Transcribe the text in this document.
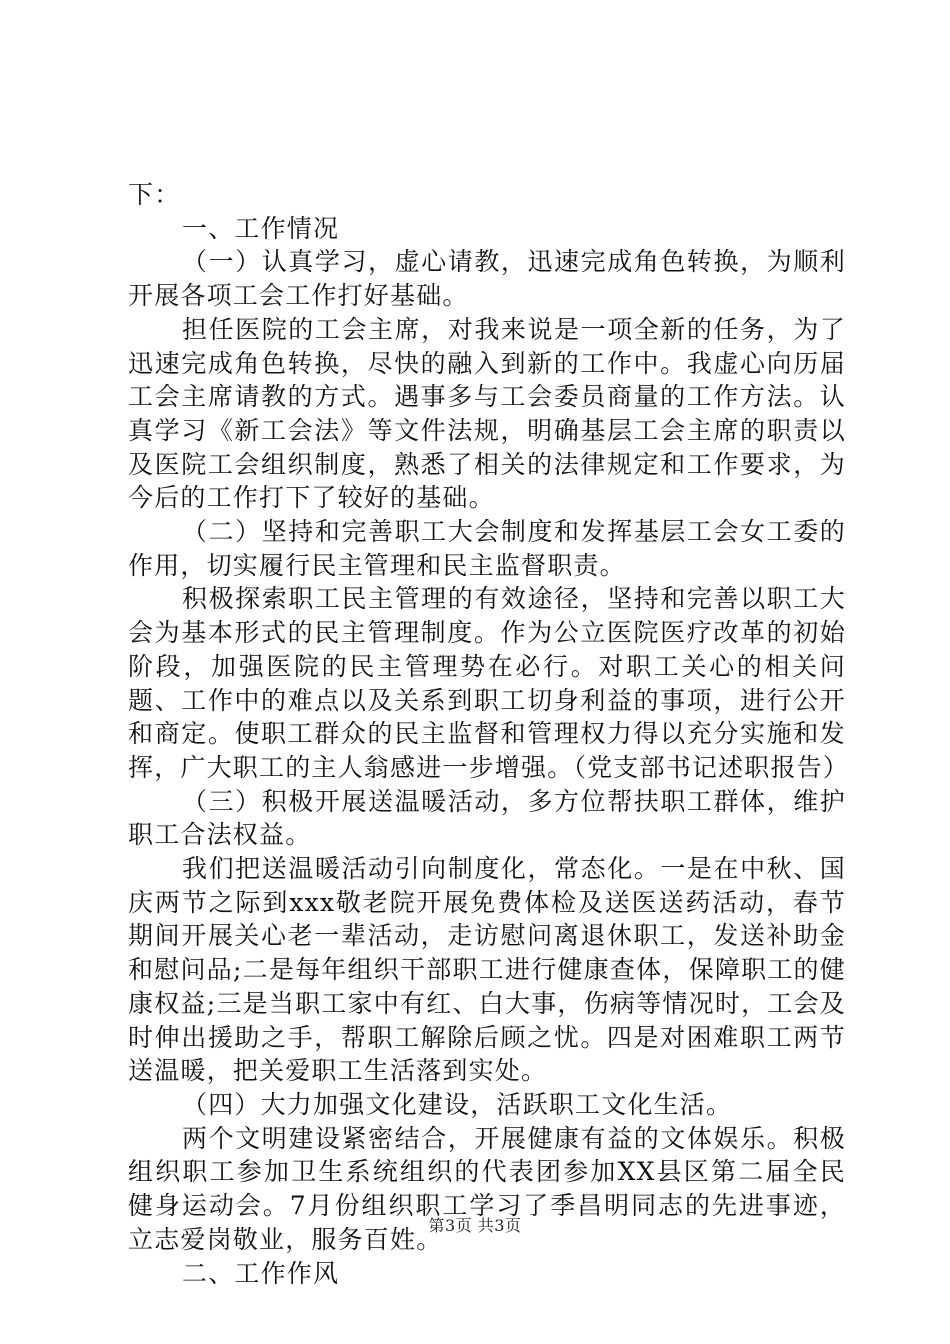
下：

一、工作情况

（一）认真学习，虚心请教，迅速完成角色转换，为顺利开展各项工会工作打好基础。

担任医院的工会主席，对我来说是一项全新的任务，为了迅速完成角色转换，尽快的融入到新的工作中。我虚心向历届工会主席请教的方式。遇事多与工会委员商量的工作方法。认真学习《新工会法》等文件法规，明确基层工会主席的职责以及医院工会组织制度，熟悉了相关的法律规定和工作要求，为今后的工作打下了较好的基础。

（二）坚持和完善职工大会制度和发挥基层工会女工委的作用，切实履行民主管理和民主监督职责。

积极探索职工民主管理的有效途径，坚持和完善以职工大会为基本形式的民主管理制度。作为公立医院医疗改革的初始阶段，加强医院的民主管理势在必行。对职工关心的相关问题、工作中的难点以及关系到职工切身利益的事项，进行公开和商定。使职工群众的民主监督和管理权力得以充分实施和发挥，广大职工的主人翁感进一步增强。（党支部书记述职报告）

（三）积极开展送温暖活动，多方位帮扶职工群体，维护职工合法权益。

我们把送温暖活动引向制度化，常态化。一是在中秋、国庆两节之际到xxx敬老院开展免费体检及送医送药活动，春节期间开展关心老一辈活动，走访慰问离退休职工，发送补助金和慰问品;二是每年组织干部职工进行健康查体，保障职工的健康权益;三是当职工家中有红、白大事，伤病等情况时，工会及时伸出援助之手，帮职工解除后顾之忧。四是对困难职工两节送温暖，把关爱职工生活落到实处。

（四）大力加强文化建设，活跃职工文化生活。

两个文明建设紧密结合，开展健康有益的文体娱乐。积极组织职工参加卫生系统组织的代表团参加XX县区第二届全民健身运动会。7月份组织职工学习了季昌明同志的先进事迹，立志爱岗敬业，服务百姓。

二、工作作风

第3页 共3页
